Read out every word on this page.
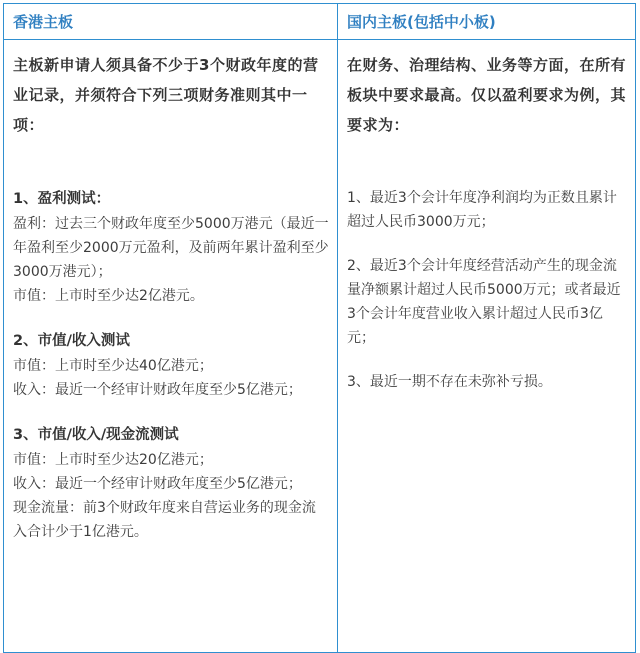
香港主板
主板新申请人须具备不少于3个财政年度的营业记录，并须符合下列三项财务准则其中一项：
1、盈利测试：
盈利：过去三个财政年度至少5000万港元（最近一年盈利至少2000万元盈利，及前两年累计盈利至少3000万港元）；
市值：上市时至少达2亿港元。
2、市值/收入测试
市值：上市时至少达40亿港元；
收入：最近一个经审计财政年度至少5亿港元；
3、市值/收入/现金流测试
市值：上市时至少达20亿港元；
收入：最近一个经审计财政年度至少5亿港元；
现金流量：前3个财政年度来自营运业务的现金流入合计少于1亿港元。
国内主板(包括中小板)
在财务、治理结构、业务等方面，在所有板块中要求最高。仅以盈利要求为例，其要求为：
1、最近3个会计年度净利润均为正数且累计超过人民币3000万元；
2、最近3个会计年度经营活动产生的现金流量净额累计超过人民币5000万元；或者最近3个会计年度营业收入累计超过人民币3亿元；
3、最近一期不存在未弥补亏损。
